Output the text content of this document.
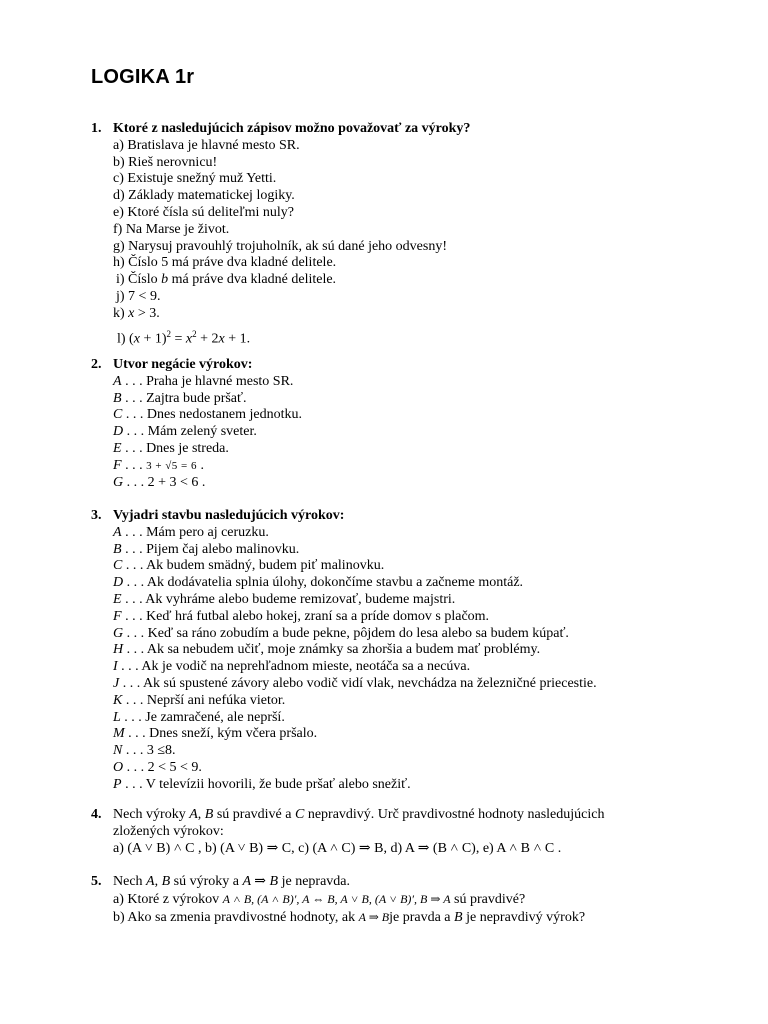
LOGIKA 1r
1. Ktoré z nasledujúcich zápisov možno považovať za výroky?
a) Bratislava je hlavné mesto SR.
b) Rieš nerovnicu!
c) Existuje snežný muž Yetti.
d) Základy matematickej logiky.
e) Ktoré čísla sú deliteľmi nuly?
f) Na Marse je život.
g) Narysuj pravouhlý trojuholník, ak sú dané jeho odvesny!
h) Číslo 5 má práve dva kladné delitele.
i) Číslo b má práve dva kladné delitele.
j) 7 < 9.
k) x > 3.
l) $(x + 1)^2 = x^2 + 2x + 1$.
2. Utvor negácie výrokov:
A . . . Praha je hlavné mesto SR.
B . . . Zajtra bude pršať.
C . . . Dnes nedostanem jednotku.
D . . . Mám zelený sveter.
E . . . Dnes je streda.
F . . . 3 + √5 = 6 .
G . . . 2 + 3 < 6 .
3. Vyjadri stavbu nasledujúcich výrokov:
A . . . Mám pero aj ceruzku.
B . . . Pijem čaj alebo malinovku.
C . . . Ak budem smädný, budem piť malinovku.
D . . . Ak dodávatelia splnia úlohy, dokončíme stavbu a začneme montáž.
E . . . Ak vyhráme alebo budeme remizovať, budeme majstri.
F . . . Keď hrá futbal alebo hokej, zraní sa a príde domov s plačom.
G . . . Keď sa ráno zobudím a bude pekne, pôjdem do lesa alebo sa budem kúpať.
H . . . Ak sa nebudem učiť, moje známky sa zhoršia a budem mať problémy.
I . . . Ak je vodič na neprehľadnom mieste, neotáča sa a necúva.
J . . . Ak sú spustené závory alebo vodič vidí vlak, nevchádza na železničné priecestie.
K . . . Neprší ani nefúka vietor.
L . . . Je zamračené, ale neprší.
M . . . Dnes sneží, kým včera pršalo.
N . . . 3 ≤8.
O . . . 2 < 5 < 9.
P . . . V televízii hovorili, že bude pršať alebo snežiť.
4. Nech výroky A, B sú pravdivé a C nepravdivý. Urč pravdivostné hodnoty nasledujúcich
zložených výrokov:
a) (A ˅ B) ˄ C , b) (A ˅ B) ⇒ C, c) (A ˄ C) ⇒ B, d) A ⇒ (B ˄ C), e) A ˄ B ˄ C .
5. Nech A, B sú výroky a A ⇒ B je nepravda.
a) Ktoré z výrokov A ˄ B, (A ˄ B)′, A ⇔ B, A ˅ B, (A ˅ B)′, B ⇒ A sú pravdivé?
b) Ako sa zmenia pravdivostné hodnoty, ak A ⇒ Bje pravda a B je nepravdivý výrok?
